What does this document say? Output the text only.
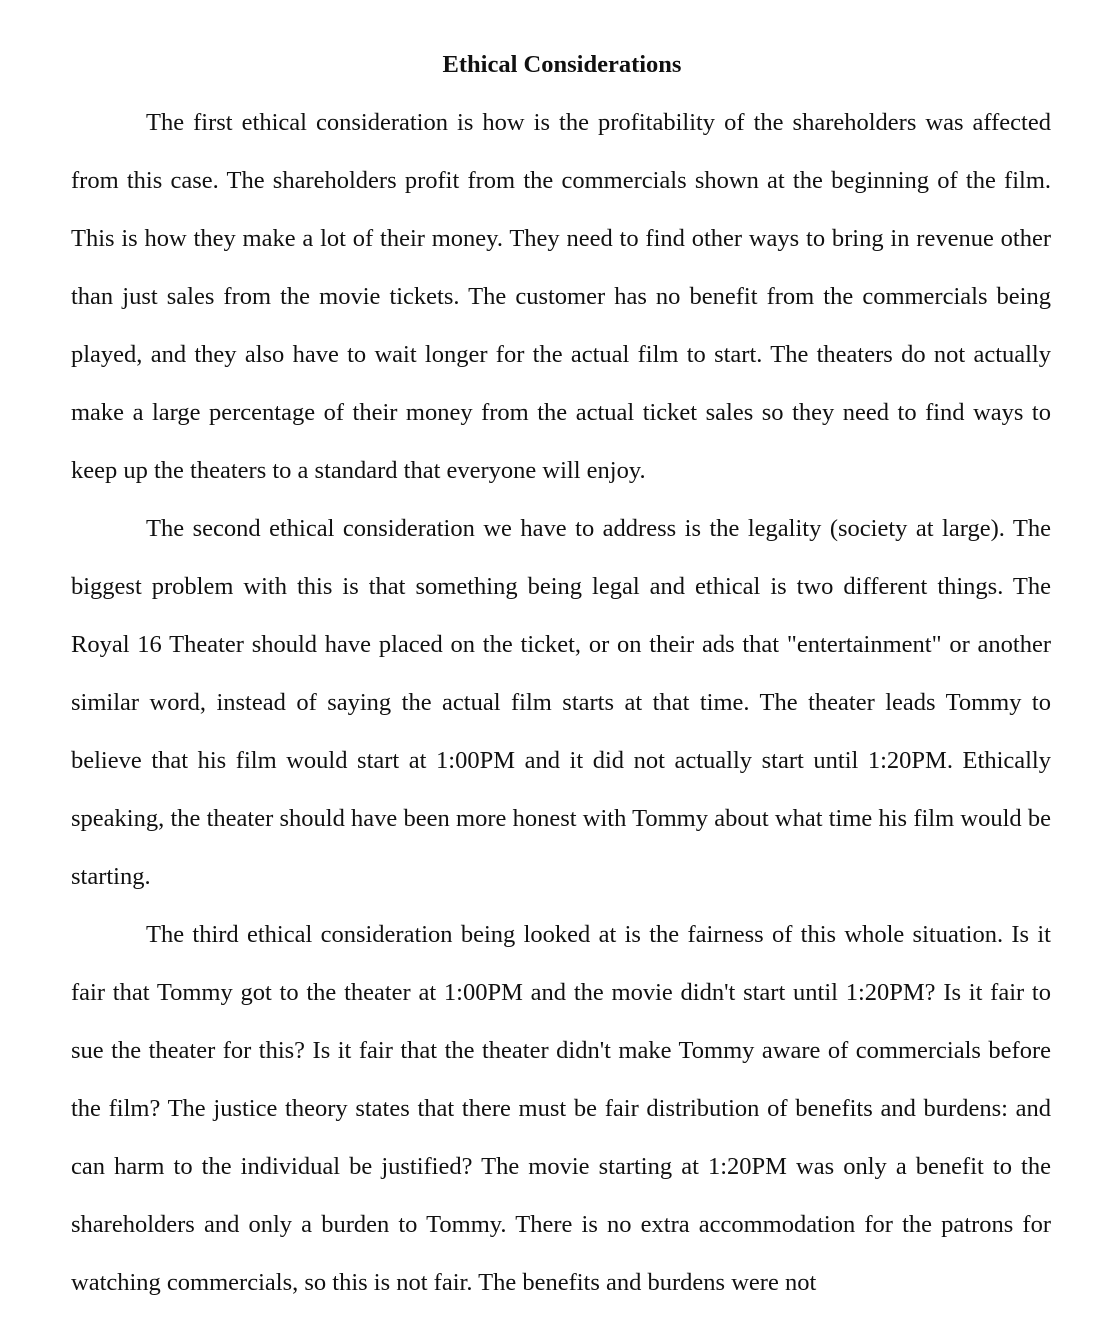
Ethical Considerations

The first ethical consideration is how is the profitability of the shareholders was affected from this case. The shareholders profit from the commercials shown at the beginning of the film. This is how they make a lot of their money. They need to find other ways to bring in revenue other than just sales from the movie tickets. The customer has no benefit from the commercials being played, and they also have to wait longer for the actual film to start. The theaters do not actually make a large percentage of their money from the actual ticket sales so they need to find ways to keep up the theaters to a standard that everyone will enjoy.

The second ethical consideration we have to address is the legality (society at large). The biggest problem with this is that something being legal and ethical is two different things. The Royal 16 Theater should have placed on the ticket, or on their ads that "entertainment" or another similar word, instead of saying the actual film starts at that time. The theater leads Tommy to believe that his film would start at 1:00PM and it did not actually start until 1:20PM. Ethically speaking, the theater should have been more honest with Tommy about what time his film would be starting.

The third ethical consideration being looked at is the fairness of this whole situation. Is it fair that Tommy got to the theater at 1:00PM and the movie didn't start until 1:20PM? Is it fair to sue the theater for this? Is it fair that the theater didn't make Tommy aware of commercials before the film? The justice theory states that there must be fair distribution of benefits and burdens: and can harm to the individual be justified? The movie starting at 1:20PM was only a benefit to the shareholders and only a burden to Tommy. There is no extra accommodation for the patrons for watching commercials, so this is not fair. The benefits and burdens were not
